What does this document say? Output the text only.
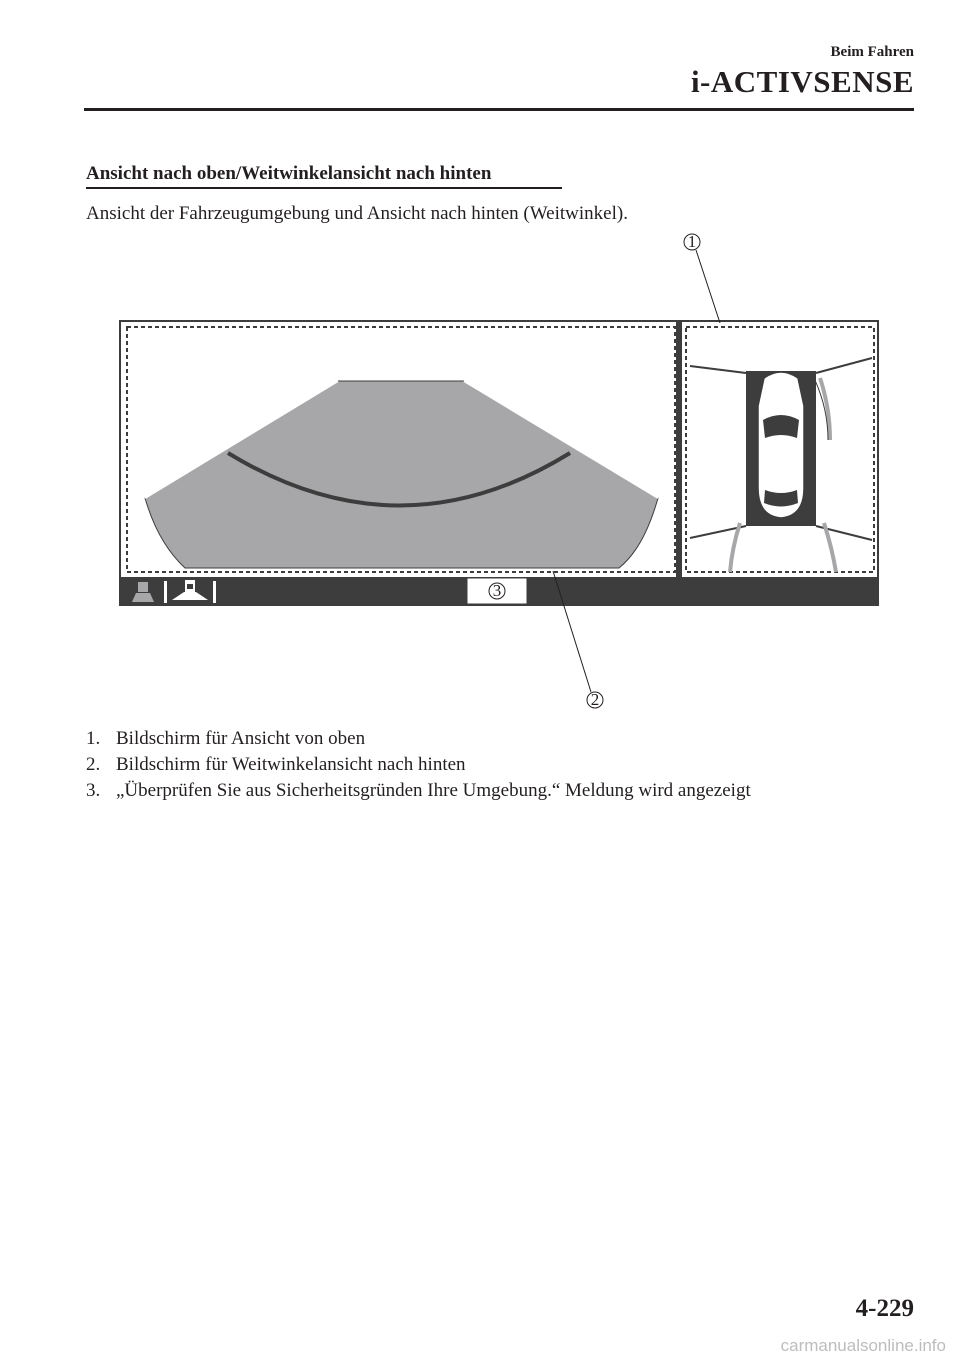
Beim Fahren
i-ACTIVSENSE
Ansicht nach oben/Weitwinkelansicht nach hinten
Ansicht der Fahrzeugumgebung und Ansicht nach hinten (Weitwinkel).
1
2
3
1. Bildschirm für Ansicht von oben
2. Bildschirm für Weitwinkelansicht nach hinten
3. „Überprüfen Sie aus Sicherheitsgründen Ihre Umgebung.“ Meldung wird angezeigt
4-229
carmanualsonline.info
